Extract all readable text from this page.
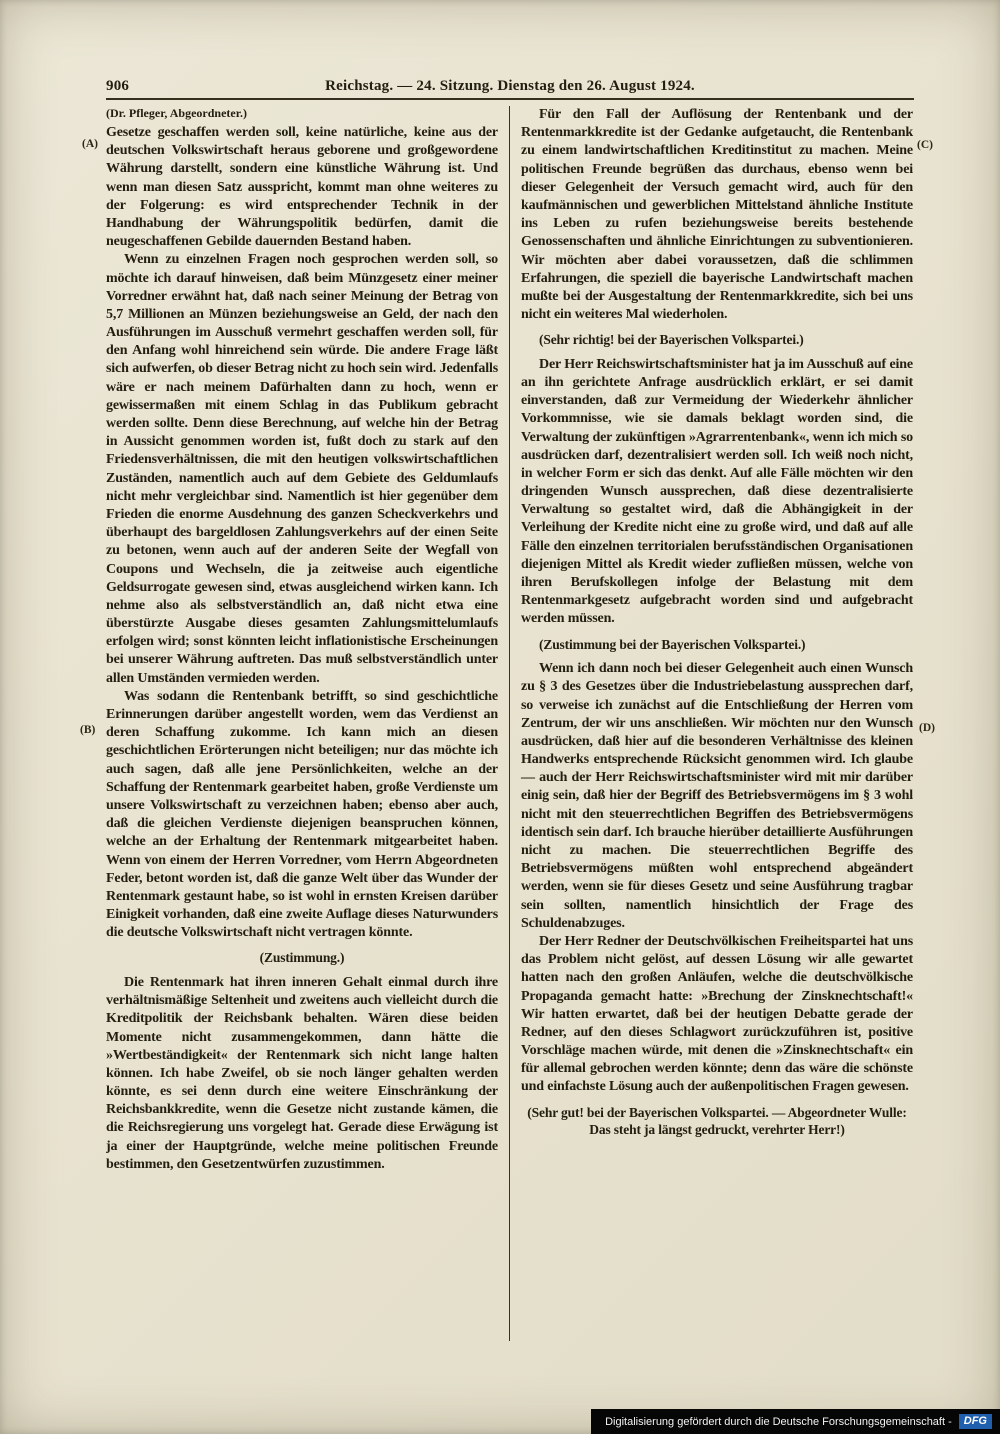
906	Reichstag. — 24. Sitzung. Dienstag den 26. August 1924.

(Dr. Pfleger, Abgeordneter.)

Gesetze geschaffen werden soll, keine natürliche, keine aus der deutschen Volkswirtschaft heraus geborene und großgewordene Währung darstellt, sondern eine künstliche Währung ist. Und wenn man diesen Satz ausspricht, kommt man ohne weiteres zu der Folgerung: es wird entsprechender Technik in der Handhabung der Währungspolitik bedürfen, damit die neugeschaffenen Gebilde dauernden Bestand haben.

Wenn zu einzelnen Fragen noch gesprochen werden soll, so möchte ich darauf hinweisen, daß beim Münzgesetz einer meiner Vorredner erwähnt hat, daß nach seiner Meinung der Betrag von 5,7 Millionen an Münzen beziehungsweise an Geld, der nach den Ausführungen im Ausschuß vermehrt geschaffen werden soll, für den Anfang wohl hinreichend sein würde. Die andere Frage läßt sich aufwerfen, ob dieser Betrag nicht zu hoch sein wird. Jedenfalls wäre er nach meinem Dafürhalten dann zu hoch, wenn er gewissermaßen mit einem Schlag in das Publikum gebracht werden sollte. Denn diese Berechnung, auf welche hin der Betrag in Aussicht genommen worden ist, fußt doch zu stark auf den Friedensverhältnissen, die mit den heutigen volkswirtschaftlichen Zuständen, namentlich auch auf dem Gebiete des Geldumlaufs nicht mehr vergleichbar sind. Namentlich ist hier gegenüber dem Frieden die enorme Ausdehnung des ganzen Scheckverkehrs und überhaupt des bargeldlosen Zahlungsverkehrs auf der einen Seite zu betonen, wenn auch auf der anderen Seite der Wegfall von Coupons und Wechseln, die ja zeitweise auch eigentliche Geldsurrogate gewesen sind, etwas ausgleichend wirken kann. Ich nehme also als selbstverständlich an, daß nicht etwa eine überstürzte Ausgabe dieses gesamten Zahlungsmittelumlaufs erfolgen wird; sonst könnten leicht inflationistische Erscheinungen bei unserer Währung auftreten. Das muß selbstverständlich unter allen Umständen vermieden werden.

Was sodann die Rentenbank betrifft, so sind geschichtliche Erinnerungen darüber angestellt worden, wem das Verdienst an deren Schaffung zukomme. Ich kann mich an diesen geschichtlichen Erörterungen nicht beteiligen; nur das möchte ich auch sagen, daß alle jene Persönlichkeiten, welche an der Schaffung der Rentenmark gearbeitet haben, große Verdienste um unsere Volkswirtschaft zu verzeichnen haben; ebenso aber auch, daß die gleichen Verdienste diejenigen beanspruchen können, welche an der Erhaltung der Rentenmark mitgearbeitet haben. Wenn von einem der Herren Vorredner, vom Herrn Abgeordneten Feder, betont worden ist, daß die ganze Welt über das Wunder der Rentenmark gestaunt habe, so ist wohl in ernsten Kreisen darüber Einigkeit vorhanden, daß eine zweite Auflage dieses Naturwunders die deutsche Volkswirtschaft nicht vertragen könnte.

(Zustimmung.)

Die Rentenmark hat ihren inneren Gehalt einmal durch ihre verhältnismäßige Seltenheit und zweitens auch vielleicht durch die Kreditpolitik der Reichsbank behalten. Wären diese beiden Momente nicht zusammengekommen, dann hätte die »Wertbeständigkeit« der Rentenmark sich nicht lange halten können. Ich habe Zweifel, ob sie noch länger gehalten werden könnte, es sei denn durch eine weitere Einschränkung der Reichsbankkredite, wenn die Gesetze nicht zustande kämen, die die Reichsregierung uns vorgelegt hat. Gerade diese Erwägung ist ja einer der Hauptgründe, welche meine politischen Freunde bestimmen, den Gesetzentwürfen zuzustimmen.

Für den Fall der Auflösung der Rentenbank und der Rentenmarkkredite ist der Gedanke aufgetaucht, die Rentenbank zu einem landwirtschaftlichen Kreditinstitut zu machen. Meine politischen Freunde begrüßen das durchaus, ebenso wenn bei dieser Gelegenheit der Versuch gemacht wird, auch für den kaufmännischen und gewerblichen Mittelstand ähnliche Institute ins Leben zu rufen beziehungsweise bereits bestehende Genossenschaften und ähnliche Einrichtungen zu subventionieren. Wir möchten aber dabei voraussetzen, daß die schlimmen Erfahrungen, die speziell die bayerische Landwirtschaft machen mußte bei der Ausgestaltung der Rentenmarkkredite, sich bei uns nicht ein weiteres Mal wiederholen.

(Sehr richtig! bei der Bayerischen Volkspartei.)

Der Herr Reichswirtschaftsminister hat ja im Ausschuß auf eine an ihn gerichtete Anfrage ausdrücklich erklärt, er sei damit einverstanden, daß zur Vermeidung der Wiederkehr ähnlicher Vorkommnisse, wie sie damals beklagt worden sind, die Verwaltung der zukünftigen »Agrarrentenbank«, wenn ich mich so ausdrücken darf, dezentralisiert werden soll. Ich weiß noch nicht, in welcher Form er sich das denkt. Auf alle Fälle möchten wir den dringenden Wunsch aussprechen, daß diese dezentralisierte Verwaltung so gestaltet wird, daß die Abhängigkeit in der Verleihung der Kredite nicht eine zu große wird, und daß auf alle Fälle den einzelnen territorialen berufsständischen Organisationen diejenigen Mittel als Kredit wieder zufließen müssen, welche von ihren Berufskollegen infolge der Belastung mit dem Rentenmarkgesetz aufgebracht worden sind und aufgebracht werden müssen.

(Zustimmung bei der Bayerischen Volkspartei.)

Wenn ich dann noch bei dieser Gelegenheit auch einen Wunsch zu § 3 des Gesetzes über die Industriebelastung aussprechen darf, so verweise ich zunächst auf die Entschließung der Herren vom Zentrum, der wir uns anschließen. Wir möchten nur den Wunsch ausdrücken, daß hier auf die besonderen Verhältnisse des kleinen Handwerks entsprechende Rücksicht genommen wird. Ich glaube — auch der Herr Reichswirtschaftsminister wird mit mir darüber einig sein, daß hier der Begriff des Betriebsvermögens im § 3 wohl nicht mit den steuerrechtlichen Begriffen des Betriebsvermögens identisch sein darf. Ich brauche hierüber detaillierte Ausführungen nicht zu machen. Die steuerrechtlichen Begriffe des Betriebsvermögens müßten wohl entsprechend abgeändert werden, wenn sie für dieses Gesetz und seine Ausführung tragbar sein sollten, namentlich hinsichtlich der Frage des Schuldenabzuges.

Der Herr Redner der Deutschvölkischen Freiheitspartei hat uns das Problem nicht gelöst, auf dessen Lösung wir alle gewartet hatten nach den großen Anläufen, welche die deutschvölkische Propaganda gemacht hatte: »Brechung der Zinsknechtschaft!« Wir hatten erwartet, daß bei der heutigen Debatte gerade der Redner, auf den dieses Schlagwort zurückzuführen ist, positive Vorschläge machen würde, mit denen die »Zinsknechtschaft« ein für allemal gebrochen werden könnte; denn das wäre die schönste und einfachste Lösung auch der außenpolitischen Fragen gewesen.

(Sehr gut! bei der Bayerischen Volkspartei. — Abgeordneter Wulle: Das steht ja längst gedruckt, verehrter Herr!)

(A)
(B)
(C)
(D)
Digitalisierung gefördert durch die Deutsche Forschungsgemeinschaft -	DFG
